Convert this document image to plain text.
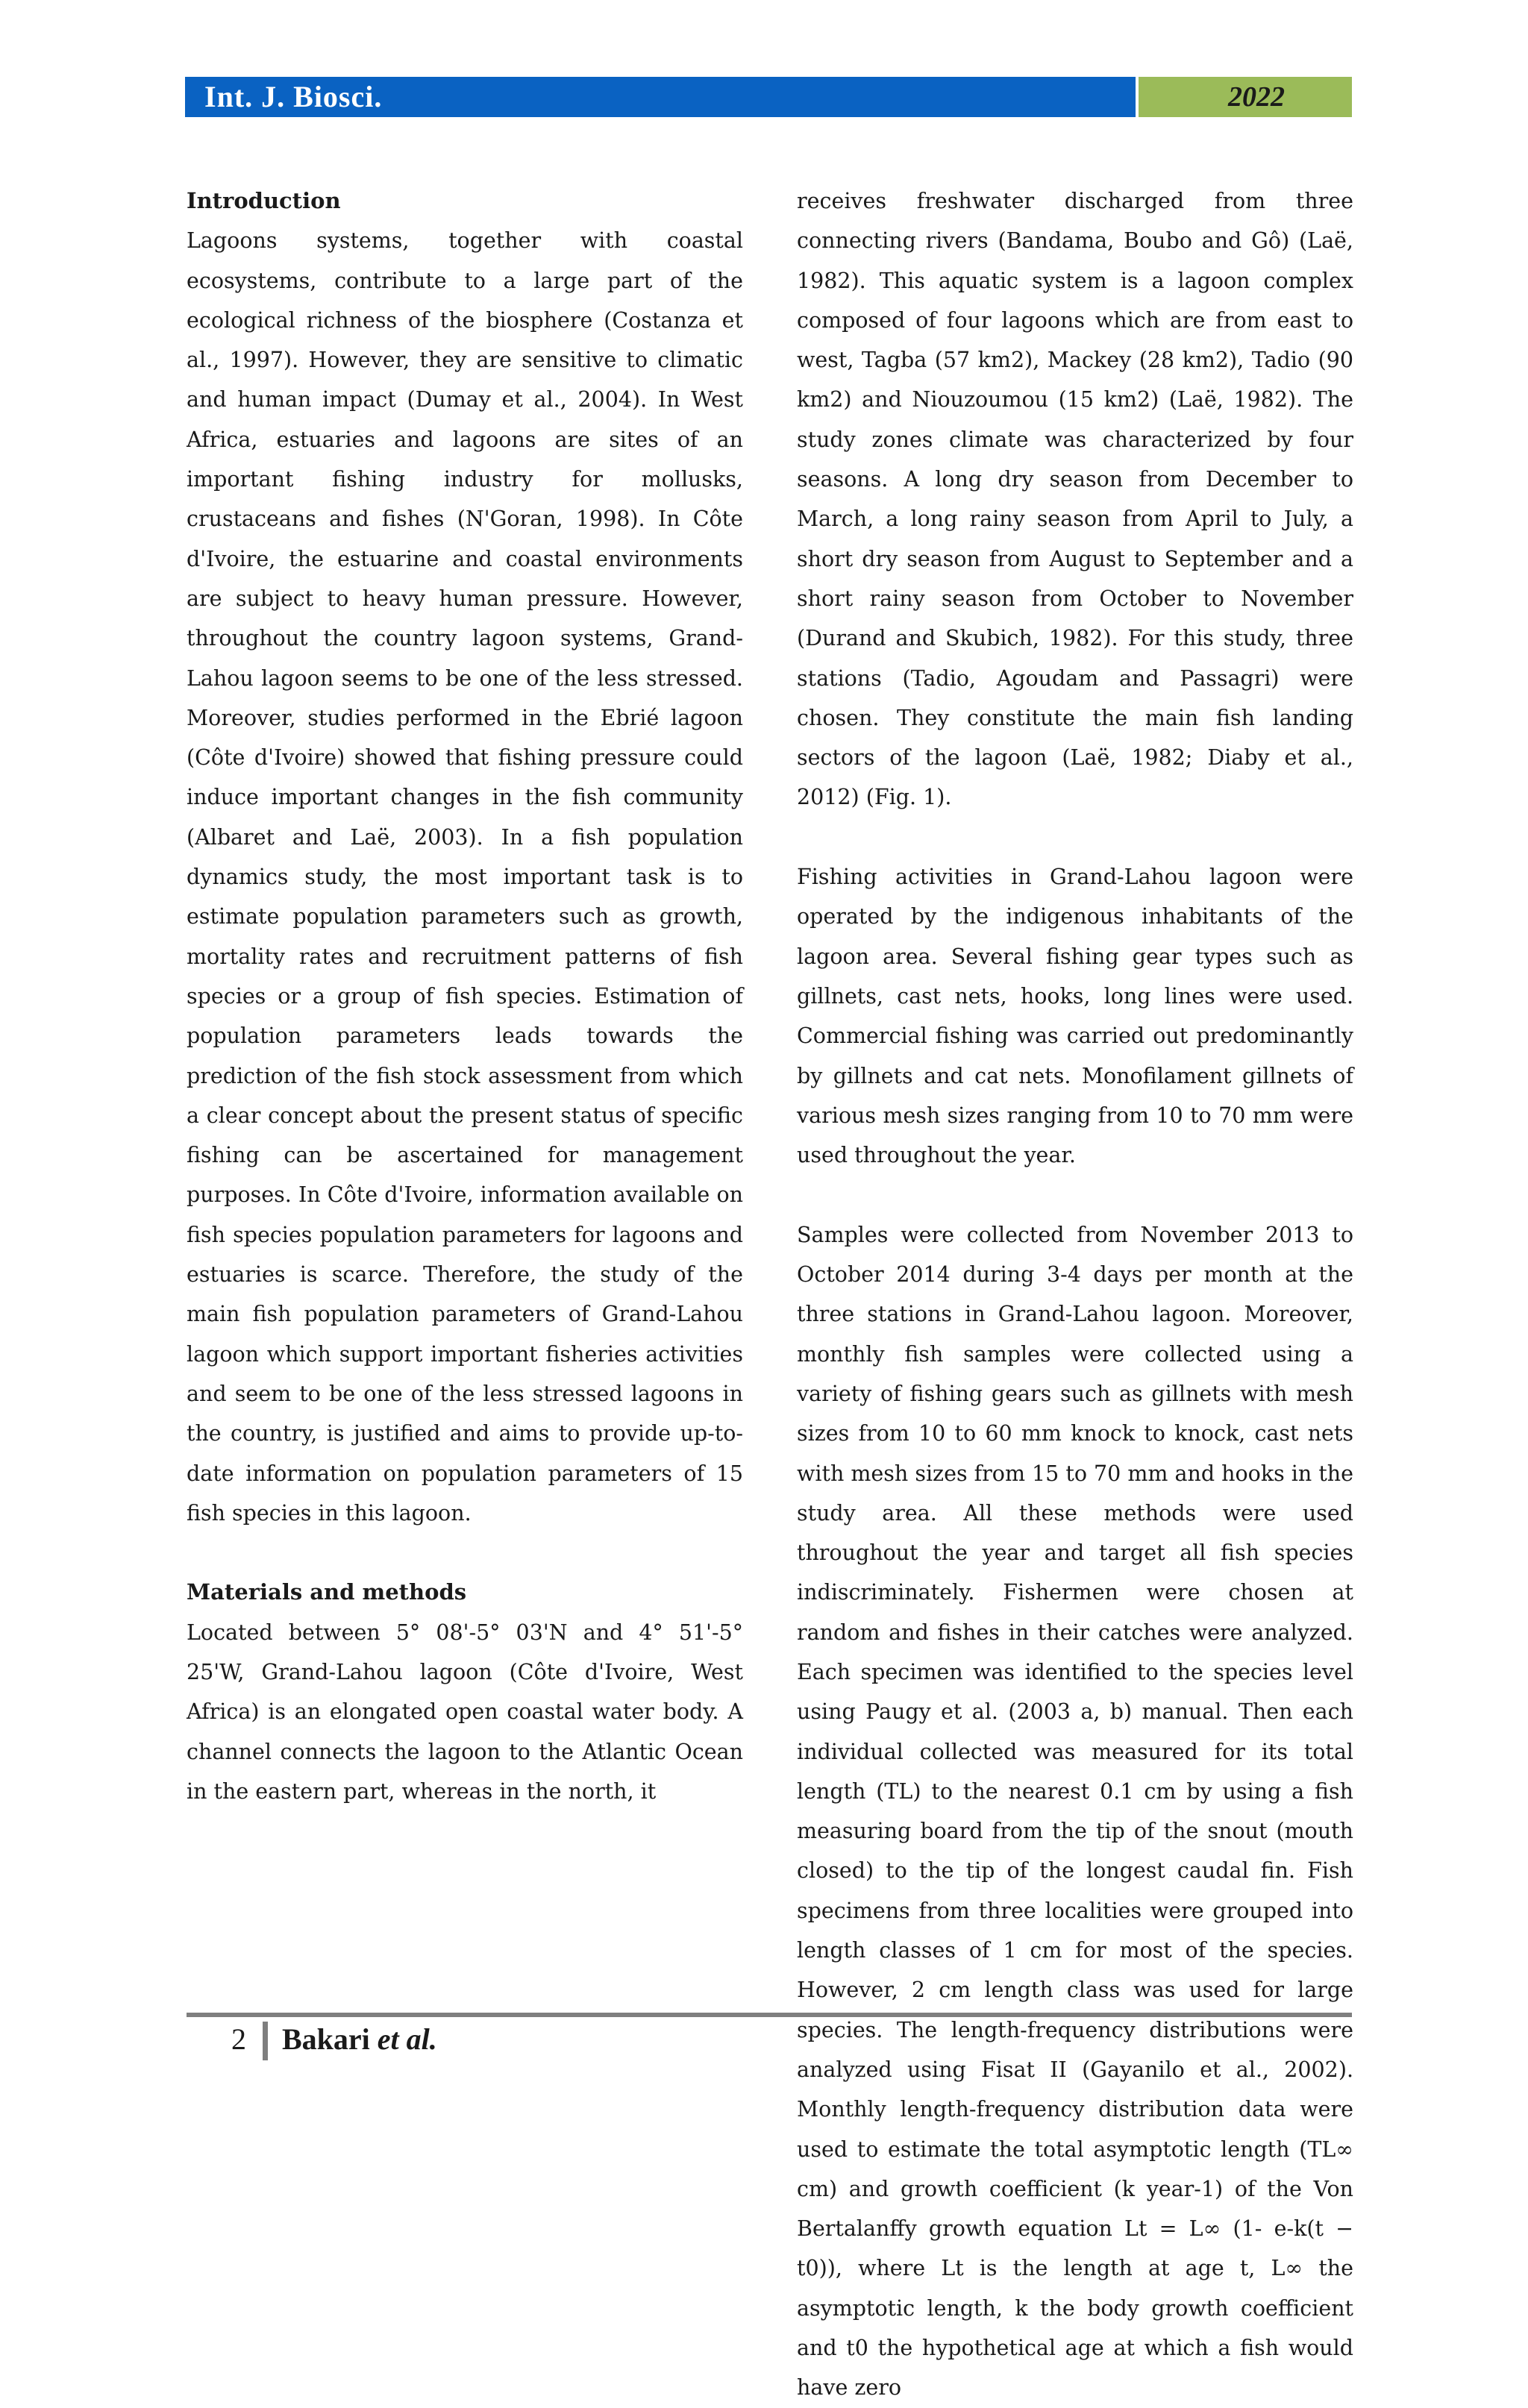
Int. J. Biosci.	2022
Introduction

Lagoons systems, together with coastal ecosystems, contribute to a large part of the ecological richness of the biosphere (Costanza et al., 1997). However, they are sensitive to climatic and human impact (Dumay et al., 2004). In West Africa, estuaries and lagoons are sites of an important fishing industry for mollusks, crustaceans and fishes (N'Goran, 1998). In Côte d'Ivoire, the estuarine and coastal environments are subject to heavy human pressure. However, throughout the country lagoon systems, Grand-Lahou lagoon seems to be one of the less stressed. Moreover, studies performed in the Ebrié lagoon (Côte d'Ivoire) showed that fishing pressure could induce important changes in the fish community (Albaret and Laë, 2003). In a fish population dynamics study, the most important task is to estimate population parameters such as growth, mortality rates and recruitment patterns of fish species or a group of fish species. Estimation of population parameters leads towards the prediction of the fish stock assessment from which a clear concept about the present status of specific fishing can be ascertained for management purposes. In Côte d'Ivoire, information available on fish species population parameters for lagoons and estuaries is scarce. Therefore, the study of the main fish population parameters of Grand-Lahou lagoon which support important fisheries activities and seem to be one of the less stressed lagoons in the country, is justified and aims to provide up-to-date information on population parameters of 15 fish species in this lagoon.

Materials and methods

Located between 5° 08'-5° 03'N and 4° 51'-5° 25'W, Grand-Lahou lagoon (Côte d'Ivoire, West Africa) is an elongated open coastal water body. A channel connects the lagoon to the Atlantic Ocean in the eastern part, whereas in the north, it

receives freshwater discharged from three connecting rivers (Bandama, Boubo and Gô) (Laë, 1982). This aquatic system is a lagoon complex composed of four lagoons which are from east to west, Tagba (57 km2), Mackey (28 km2), Tadio (90 km2) and Niouzoumou (15 km2) (Laë, 1982). The study zones climate was characterized by four seasons. A long dry season from December to March, a long rainy season from April to July, a short dry season from August to September and a short rainy season from October to November (Durand and Skubich, 1982). For this study, three stations (Tadio, Agoudam and Passagri) were chosen. They constitute the main fish landing sectors of the lagoon (Laë, 1982; Diaby et al., 2012) (Fig. 1).

Fishing activities in Grand-Lahou lagoon were operated by the indigenous inhabitants of the lagoon area. Several fishing gear types such as gillnets, cast nets, hooks, long lines were used. Commercial fishing was carried out predominantly by gillnets and cat nets. Monofilament gillnets of various mesh sizes ranging from 10 to 70 mm were used throughout the year.

Samples were collected from November 2013 to October 2014 during 3-4 days per month at the three stations in Grand-Lahou lagoon. Moreover, monthly fish samples were collected using a variety of fishing gears such as gillnets with mesh sizes from 10 to 60 mm knock to knock, cast nets with mesh sizes from 15 to 70 mm and hooks in the study area. All these methods were used throughout the year and target all fish species indiscriminately. Fishermen were chosen at random and fishes in their catches were analyzed. Each specimen was identified to the species level using Paugy et al. (2003 a, b) manual. Then each individual collected was measured for its total length (TL) to the nearest 0.1 cm by using a fish measuring board from the tip of the snout (mouth closed) to the tip of the longest caudal fin. Fish specimens from three localities were grouped into length classes of 1 cm for most of the species. However, 2 cm length class was used for large species. The length-frequency distributions were analyzed using Fisat II (Gayanilo et al., 2002). Monthly length-frequency distribution data were used to estimate the total asymptotic length (TL∞ cm) and growth coefficient (k year-1) of the Von Bertalanffy growth equation Lt = L∞ (1- e-k(t − t0)), where Lt is the length at age t, L∞ the asymptotic length, k the body growth coefficient and t0 the hypothetical age at which a fish would have zero

2 Bakari et al.
